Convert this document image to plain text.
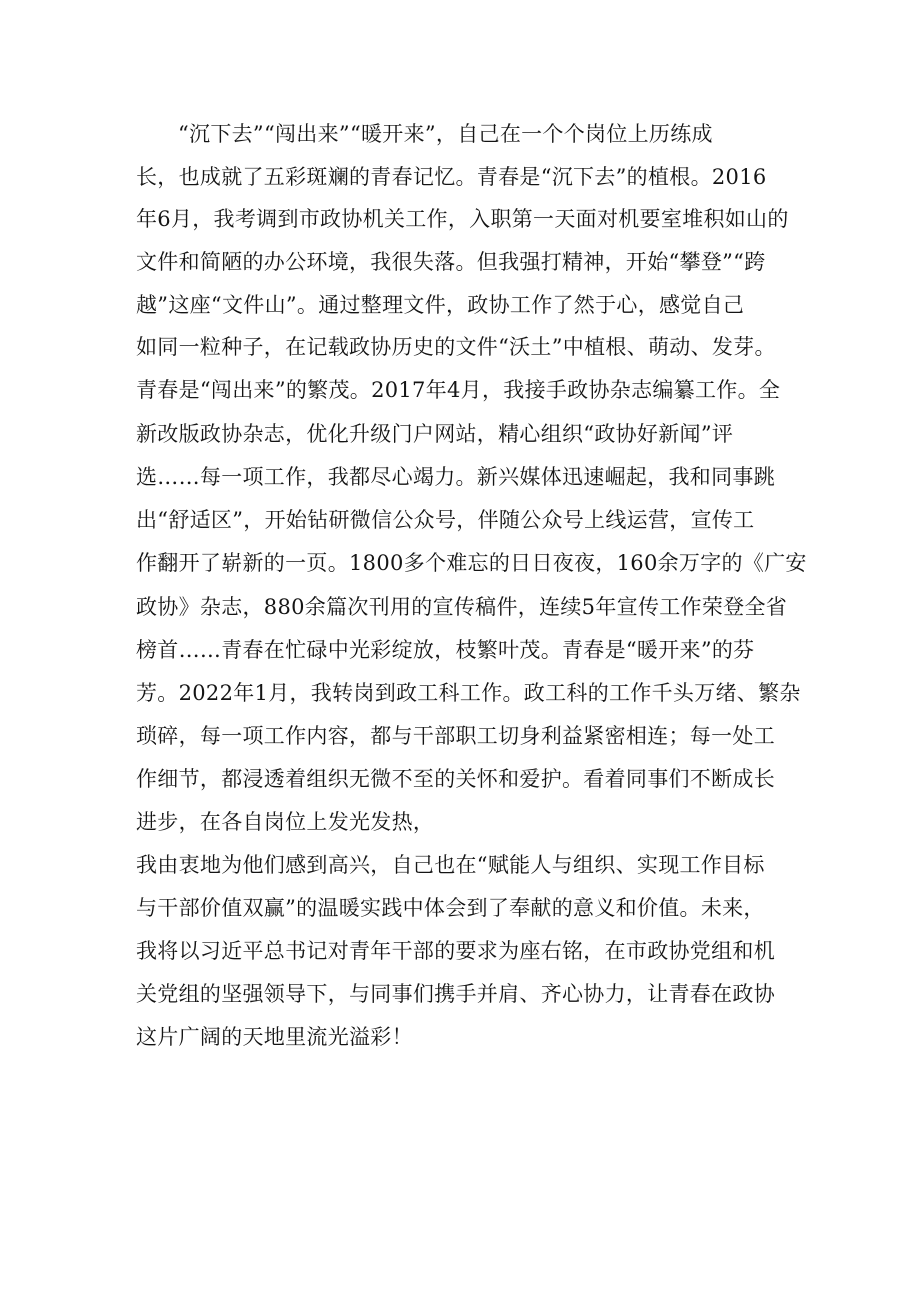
“沉下去”“闯出来”“暖开来”，自己在一个个岗位上历练成
长，也成就了五彩斑斓的青春记忆。青春是“沉下去”的植根。2016
年6月，我考调到市政协机关工作，入职第一天面对机要室堆积如山的
文件和简陋的办公环境，我很失落。但我强打精神，开始“攀登”“跨
越”这座“文件山”。通过整理文件，政协工作了然于心，感觉自己
如同一粒种子，在记载政协历史的文件“沃土”中植根、萌动、发芽。
青春是“闯出来”的繁茂。2017年4月，我接手政协杂志编纂工作。全
新改版政协杂志，优化升级门户网站，精心组织“政协好新闻”评
选……每一项工作，我都尽心竭力。新兴媒体迅速崛起，我和同事跳
出“舒适区”，开始钻研微信公众号，伴随公众号上线运营，宣传工
作翻开了崭新的一页。1800多个难忘的日日夜夜，160余万字的《广安
政协》杂志，880余篇次刊用的宣传稿件，连续5年宣传工作荣登全省
榜首……青春在忙碌中光彩绽放，枝繁叶茂。青春是“暖开来”的芬
芳。2022年1月，我转岗到政工科工作。政工科的工作千头万绪、繁杂
琐碎，每一项工作内容，都与干部职工切身利益紧密相连；每一处工
作细节，都浸透着组织无微不至的关怀和爱护。看着同事们不断成长
进步，在各自岗位上发光发热，
我由衷地为他们感到高兴，自己也在“赋能人与组织、实现工作目标
与干部价值双赢”的温暖实践中体会到了奉献的意义和价值。未来，
我将以习近平总书记对青年干部的要求为座右铭，在市政协党组和机
关党组的坚强领导下，与同事们携手并肩、齐心协力，让青春在政协
这片广阔的天地里流光溢彩！
